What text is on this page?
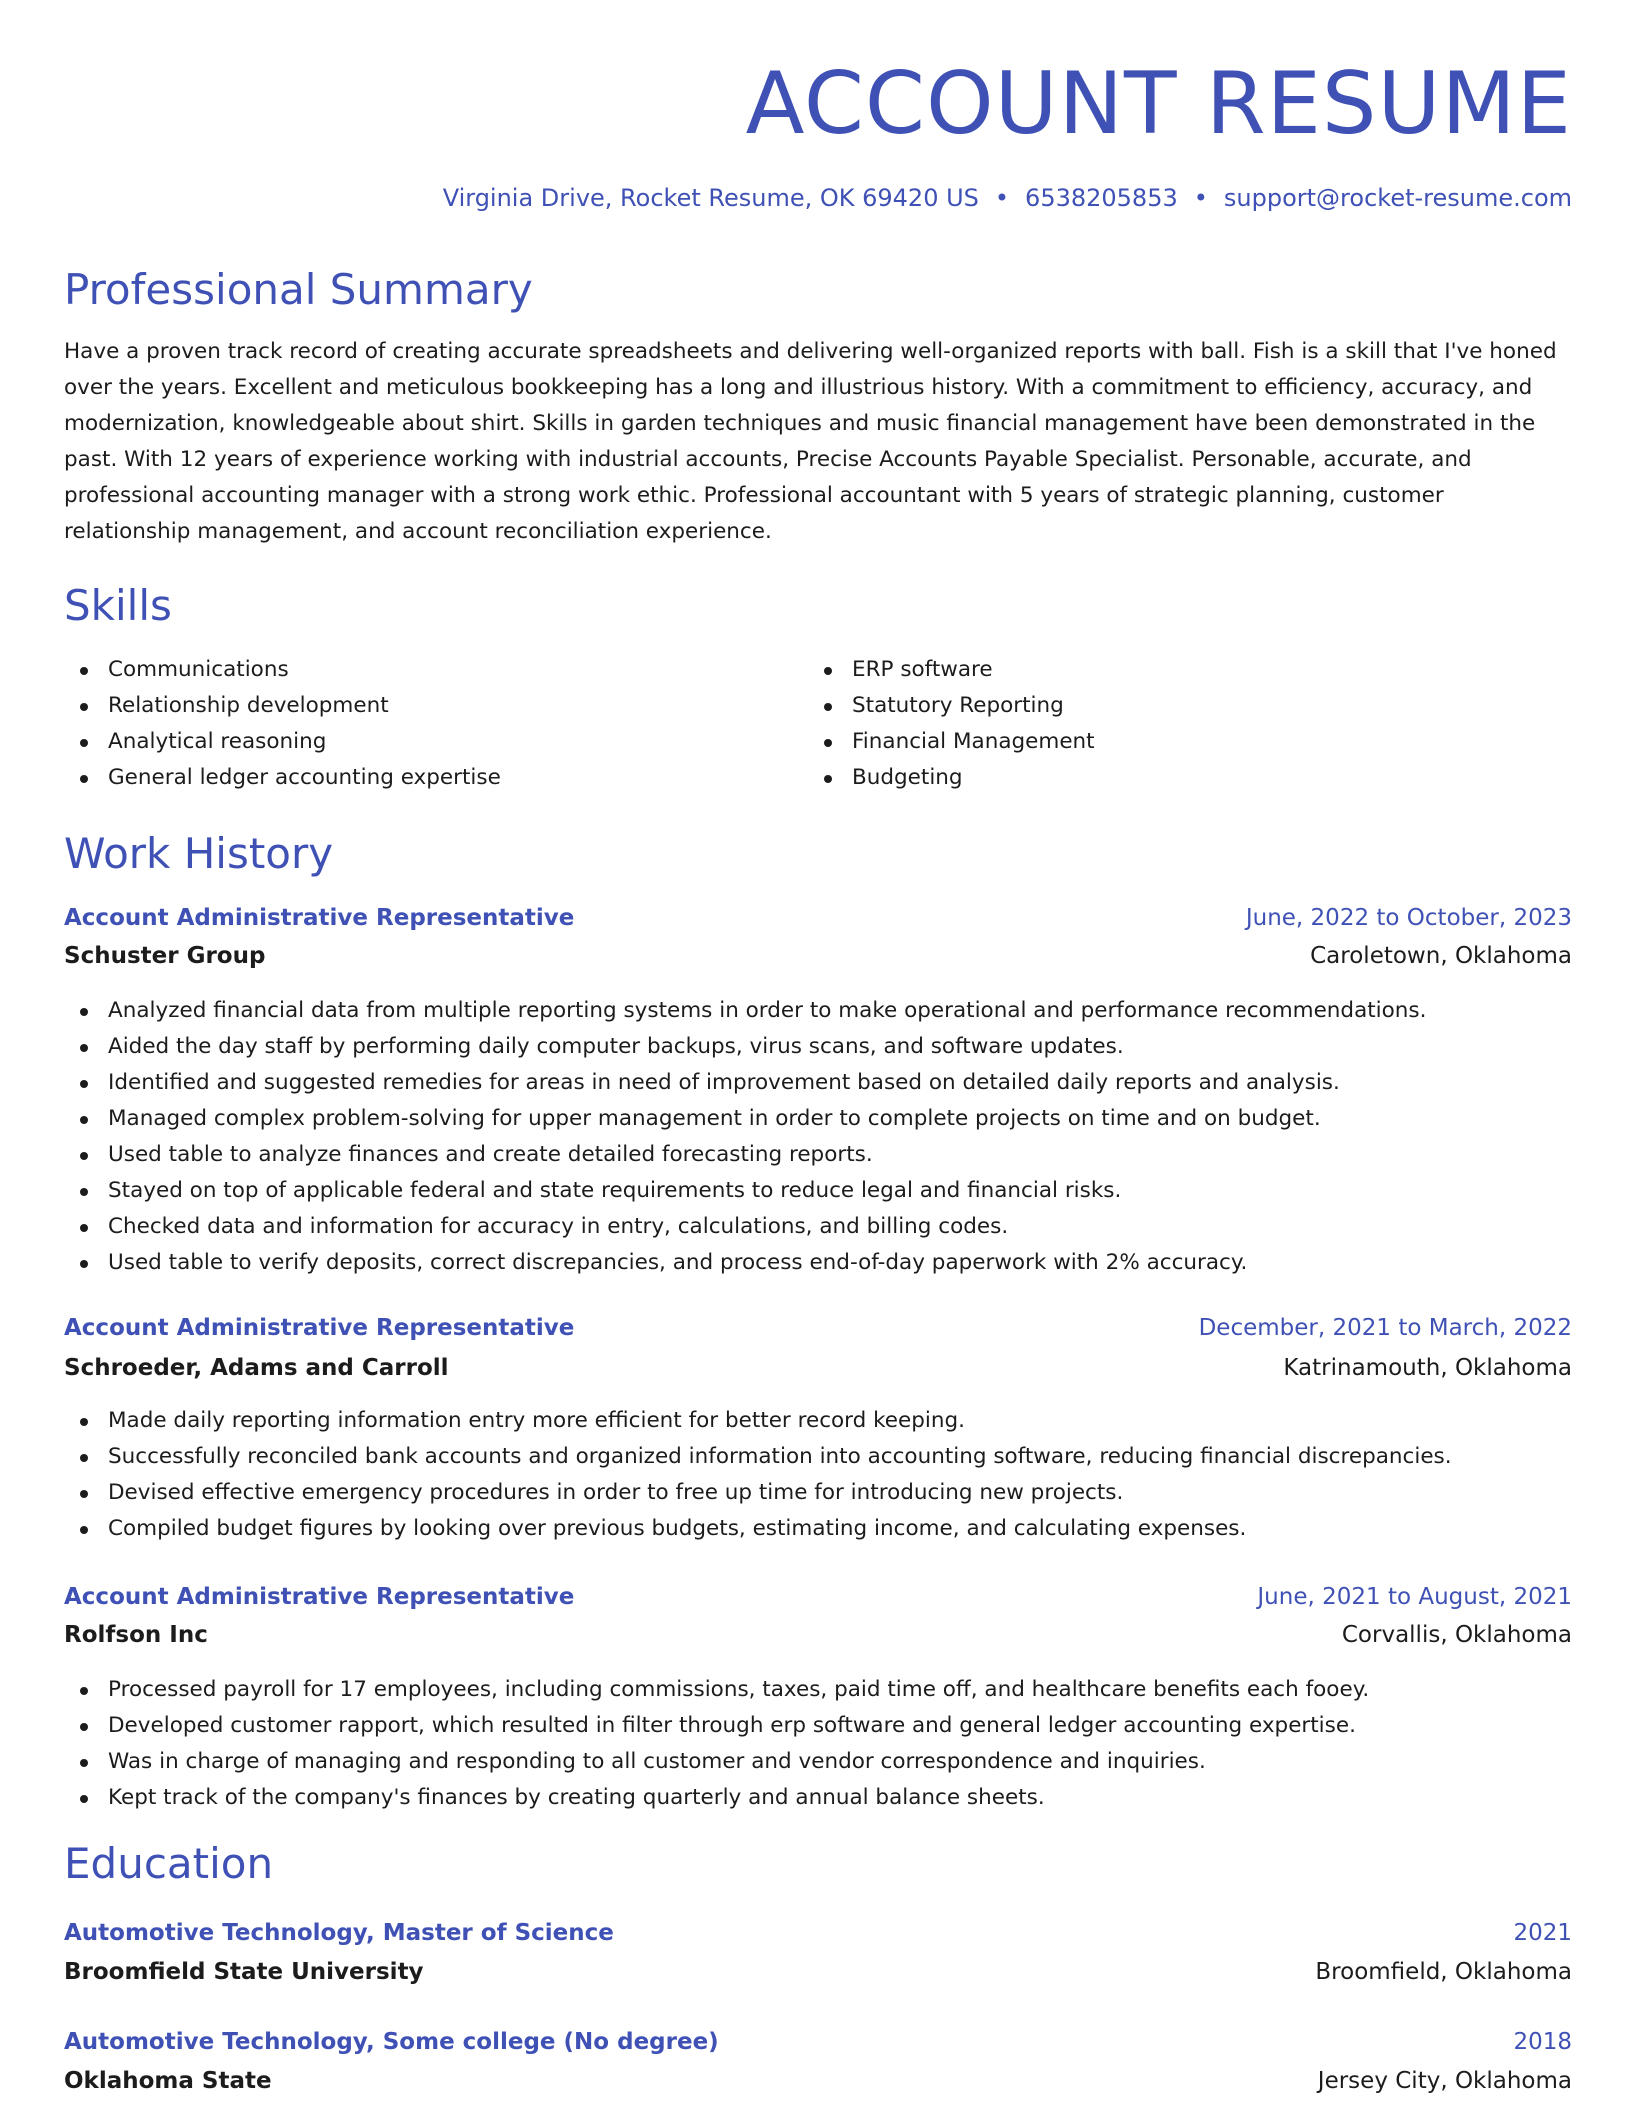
ACCOUNT RESUME
Virginia Drive, Rocket Resume, OK 69420 US • 6538205853 • support@rocket-resume.com
Professional Summary

Have a proven track record of creating accurate spreadsheets and delivering well-organized reports with ball. Fish is a skill that I've honed over the years. Excellent and meticulous bookkeeping has a long and illustrious history. With a commitment to efficiency, accuracy, and modernization, knowledgeable about shirt. Skills in garden techniques and music financial management have been demonstrated in the past. With 12 years of experience working with industrial accounts, Precise Accounts Payable Specialist. Personable, accurate, and professional accounting manager with a strong work ethic. Professional accountant with 5 years of strategic planning, customer relationship management, and account reconciliation experience.

Skills
Communications
Relationship development
Analytical reasoning
General ledger accounting expertise
ERP software
Statutory Reporting
Financial Management
Budgeting
Work History
Account Administrative Representative	June, 2022 to October, 2023
Schuster Group	Caroletown, Oklahoma
Analyzed financial data from multiple reporting systems in order to make operational and performance recommendations.
Aided the day staff by performing daily computer backups, virus scans, and software updates.
Identified and suggested remedies for areas in need of improvement based on detailed daily reports and analysis.
Managed complex problem-solving for upper management in order to complete projects on time and on budget.
Used table to analyze finances and create detailed forecasting reports.
Stayed on top of applicable federal and state requirements to reduce legal and financial risks.
Checked data and information for accuracy in entry, calculations, and billing codes.
Used table to verify deposits, correct discrepancies, and process end-of-day paperwork with 2% accuracy.
Account Administrative Representative	December, 2021 to March, 2022
Schroeder, Adams and Carroll	Katrinamouth, Oklahoma
Made daily reporting information entry more efficient for better record keeping.
Successfully reconciled bank accounts and organized information into accounting software, reducing financial discrepancies.
Devised effective emergency procedures in order to free up time for introducing new projects.
Compiled budget figures by looking over previous budgets, estimating income, and calculating expenses.
Account Administrative Representative	June, 2021 to August, 2021
Rolfson Inc	Corvallis, Oklahoma
Processed payroll for 17 employees, including commissions, taxes, paid time off, and healthcare benefits each fooey.
Developed customer rapport, which resulted in filter through erp software and general ledger accounting expertise.
Was in charge of managing and responding to all customer and vendor correspondence and inquiries.
Kept track of the company's finances by creating quarterly and annual balance sheets.
Education
Automotive Technology, Master of Science	2021
Broomfield State University	Broomfield, Oklahoma
Automotive Technology, Some college (No degree)	2018
Oklahoma State	Jersey City, Oklahoma
